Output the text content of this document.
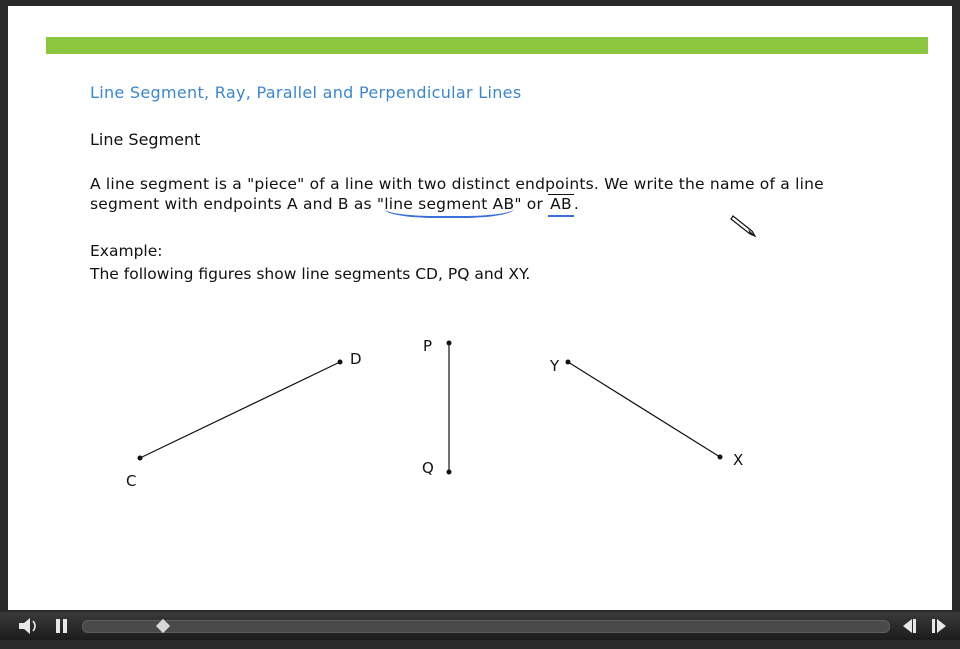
Line Segment, Ray, Parallel and Perpendicular Lines
Line Segment
A line segment is a "piece" of a line with two distinct endpoints. We write the name of a line segment with endpoints A and B as "line segment AB" or AB .
Example:
The following figures show line segments CD, PQ and XY.
C
D
P
Q
Y
X
